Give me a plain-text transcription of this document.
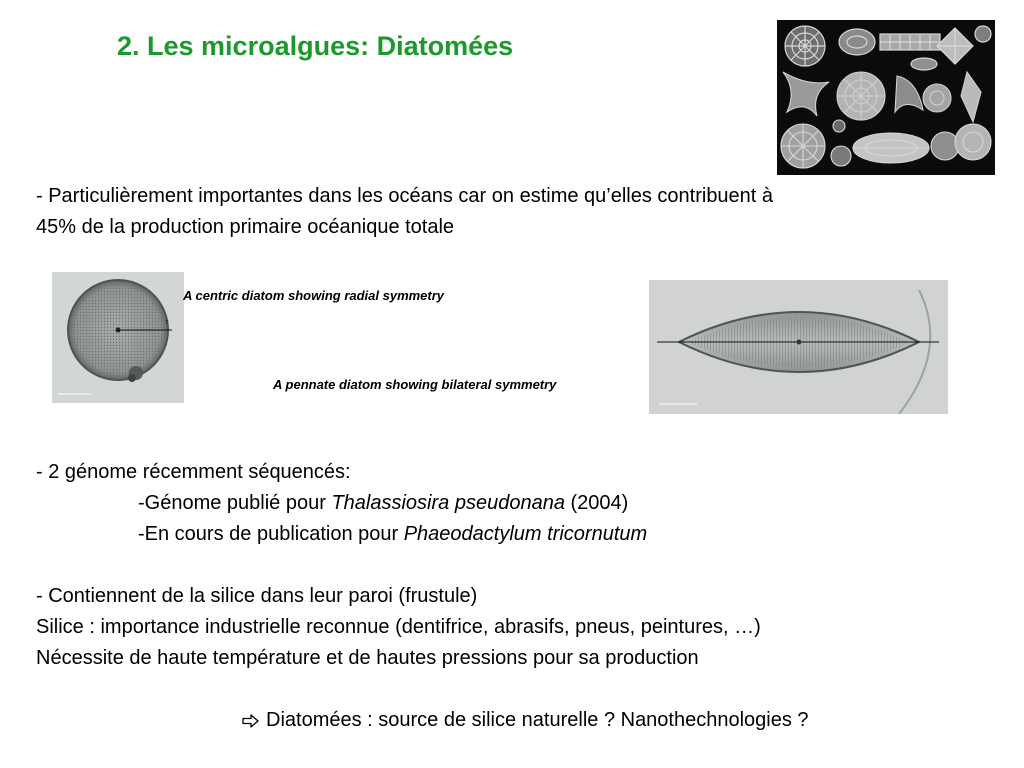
2. Les microalgues: Diatomées
- Particulièrement importantes dans les océans car on estime qu’elles contribuent à
45% de la production primaire océanique totale
r
A centric diatom showing radial symmetry
A pennate diatom showing bilateral symmetry
- 2 génome récemment séquencés:
-Génome publié pour Thalassiosira pseudonana (2004)
-En cours de publication pour Phaeodactylum tricornutum
- Contiennent de la silice dans leur paroi (frustule)
Silice : importance industrielle reconnue (dentifrice, abrasifs, pneus, peintures, …)
Nécessite de haute température et de hautes pressions pour sa production
Diatomées : source de silice naturelle ? Nanothechnologies ?
